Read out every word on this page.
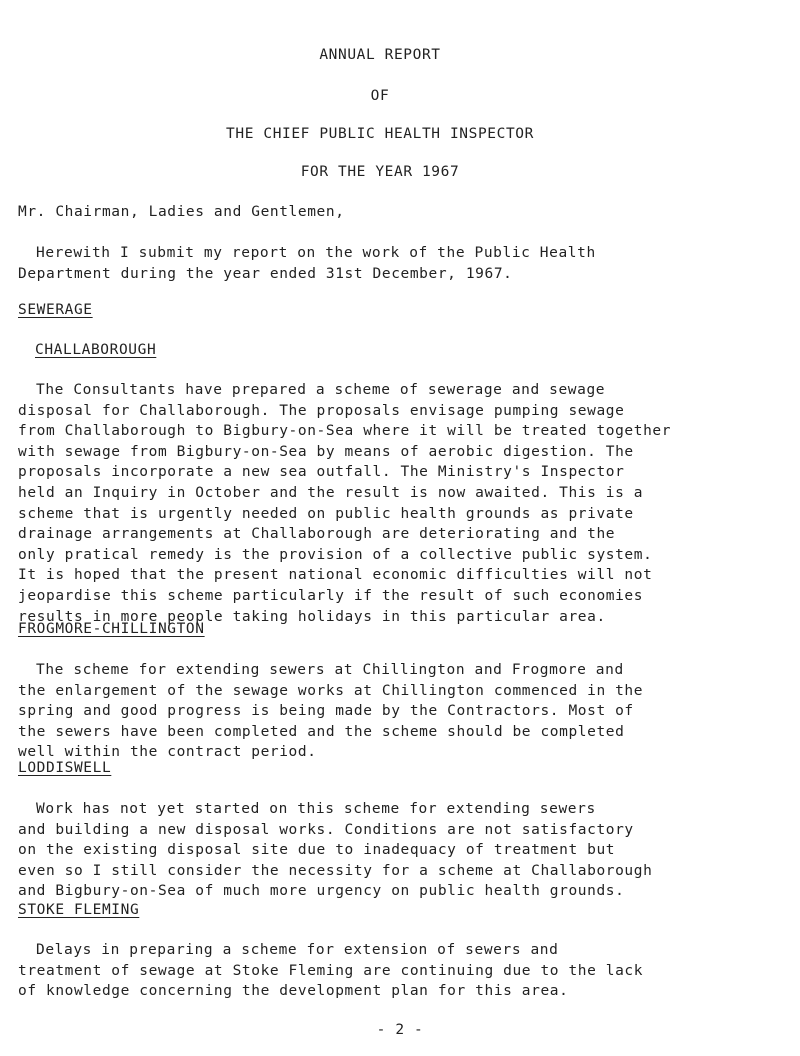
ANNUAL REPORT
OF
THE CHIEF PUBLIC HEALTH INSPECTOR
FOR THE YEAR 1967
Mr. Chairman, Ladies and Gentlemen,
Herewith I submit my report on the work of the Public Health
Department during the year ended 31st December, 1967.
SEWERAGE
CHALLABOROUGH
The Consultants have prepared a scheme of sewerage and sewage
disposal for Challaborough. The proposals envisage pumping sewage
from Challaborough to Bigbury-on-Sea where it will be treated together
with sewage from Bigbury-on-Sea by means of aerobic digestion. The
proposals incorporate a new sea outfall. The Ministry's Inspector
held an Inquiry in October and the result is now awaited. This is a
scheme that is urgently needed on public health grounds as private
drainage arrangements at Challaborough are deteriorating and the
only pratical remedy is the provision of a collective public system.
It is hoped that the present national economic difficulties will not
jeopardise this scheme particularly if the result of such economies
results in more people taking holidays in this particular area.
FROGMORE-CHILLINGTON
The scheme for extending sewers at Chillington and Frogmore and
the enlargement of the sewage works at Chillington commenced in the
spring and good progress is being made by the Contractors. Most of
the sewers have been completed and the scheme should be completed
well within the contract period.
LODDISWELL
Work has not yet started on this scheme for extending sewers
and building a new disposal works. Conditions are not satisfactory
on the existing disposal site due to inadequacy of treatment but
even so I still consider the necessity for a scheme at Challaborough
and Bigbury-on-Sea of much more urgency on public health grounds.
STOKE FLEMING
Delays in preparing a scheme for extension of sewers and
treatment of sewage at Stoke Fleming are continuing due to the lack
of knowledge concerning the development plan for this area.
- 2 -
